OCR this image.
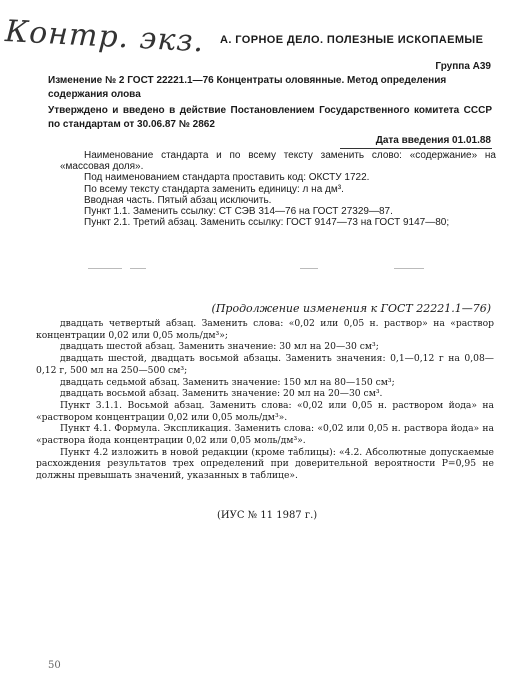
Контр. экз. А. ГОРНОЕ ДЕЛО. ПОЛЕЗНЫЕ ИСКОПАЕМЫЕ
Группа А39
Изменение № 2 ГОСТ 22221.1—76 Концентраты оловянные. Метод определения содержания олова
Утверждено и введено в действие Постановлением Государственного комитета СССР по стандартам от 30.06.87 № 2862
Дата введения 01.01.88

Наименование стандарта и по всему тексту заменить слово: «содержание» на «массовая доля».

Под наименованием стандарта проставить код: ОКСТУ 1722.

По всему тексту стандарта заменить единицу: л на дм³.

Вводная часть. Пятый абзац исключить.

Пункт 1.1. Заменить ссылку: СТ СЭВ 314—76 на ГОСТ 27329—87.

Пункт 2.1. Третий абзац. Заменить ссылку: ГОСТ 9147—73 на ГОСТ 9147—80;

(Продолжение изменения к ГОСТ 22221.1—76)

двадцать четвертый абзац. Заменить слова: «0,02 или 0,05 н. раствор» на «раствор концентрации 0,02 или 0,05 моль/дм³»;

двадцать шестой абзац. Заменить значение: 30 мл на 20—30 см³;

двадцать шестой, двадцать восьмой абзацы. Заменить значения: 0,1—0,12 г на 0,08—0,12 г, 500 мл на 250—500 см³;

двадцать седьмой абзац. Заменить значение: 150 мл на 80—150 см³;

двадцать восьмой абзац. Заменить значение: 20 мл на 20—30 см³.

Пункт 3.1.1. Восьмой абзац. Заменить слова: «0,02 или 0,05 н. раствором йода» на «раствором концентрации 0,02 или 0,05 моль/дм³».

Пункт 4.1. Формула. Экспликация. Заменить слова: «0,02 или 0,05 н. раствора йода» на «раствора йода концентрации 0,02 или 0,05 моль/дм³».

Пункт 4.2 изложить в новой редакции (кроме таблицы): «4.2. Абсолютные допускаемые расхождения результатов трех определений при доверительной вероятности P=0,95 не должны превышать значений, указанных в таблице».

(ИУС № 11 1987 г.)
50
